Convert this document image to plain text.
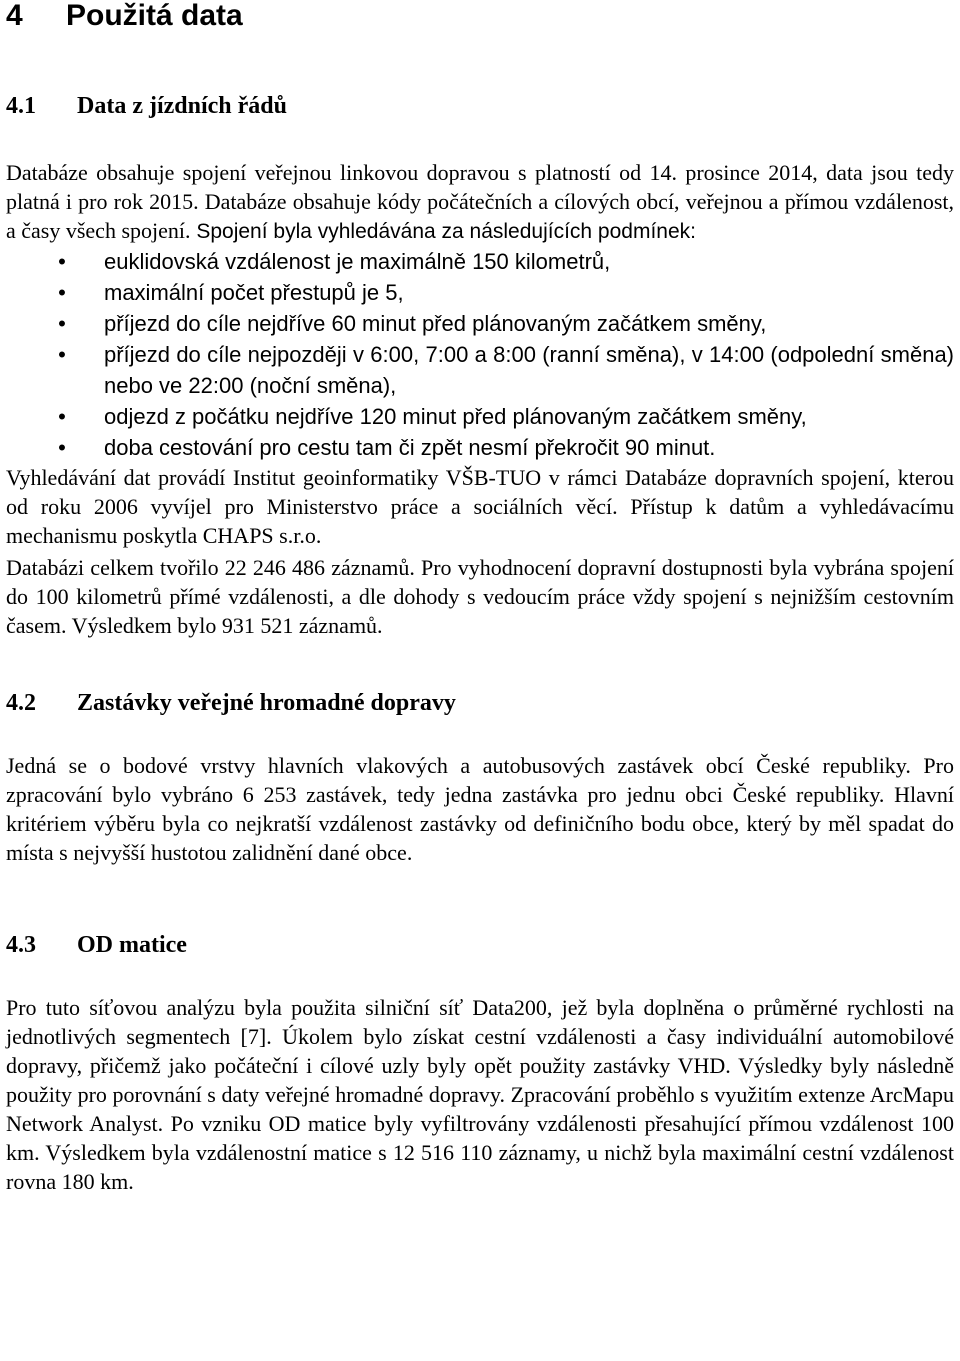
4 Použitá data
4.1 Data z jízdních řádů

Databáze obsahuje spojení veřejnou linkovou dopravou s platností od 14. prosince 2014, data jsou tedy platná i pro rok 2015. Databáze obsahuje kódy počátečních a cílových obcí, veřejnou a přímou vzdálenost, a časy všech spojení. Spojení byla vyhledávána za následujících podmínek:

• euklidovská vzdálenost je maximálně 150 kilometrů,
• maximální počet přestupů je 5,
• příjezd do cíle nejdříve 60 minut před plánovaným začátkem směny,
• příjezd do cíle nejpozději v 6:00, 7:00 a 8:00 (ranní směna), v 14:00 (odpolední směna) nebo ve 22:00 (noční směna),
• odjezd z počátku nejdříve 120 minut před plánovaným začátkem směny,
• doba cestování pro cestu tam či zpět nesmí překročit 90 minut.

Vyhledávání dat provádí Institut geoinformatiky VŠB-TUO v rámci Databáze dopravních spojení, kterou od roku 2006 vyvíjel pro Ministerstvo práce a sociálních věcí. Přístup k datům a vyhledávacímu mechanismu poskytla CHAPS s.r.o.

Databázi celkem tvořilo 22 246 486 záznamů. Pro vyhodnocení dopravní dostupnosti byla vybrána spojení do 100 kilometrů přímé vzdálenosti, a dle dohody s vedoucím práce vždy spojení s nejnižším cestovním časem. Výsledkem bylo 931 521 záznamů.

4.2 Zastávky veřejné hromadné dopravy

Jedná se o bodové vrstvy hlavních vlakových a autobusových zastávek obcí České republiky. Pro zpracování bylo vybráno 6 253 zastávek, tedy jedna zastávka pro jednu obci České republiky. Hlavní kritériem výběru byla co nejkratší vzdálenost zastávky od definičního bodu obce, který by měl spadat do místa s nejvyšší hustotou zalidnění dané obce.

4.3 OD matice

Pro tuto síťovou analýzu byla použita silniční síť Data200, jež byla doplněna o průměrné rychlosti na jednotlivých segmentech [7]. Úkolem bylo získat cestní vzdálenosti a časy individuální automobilové dopravy, přičemž jako počáteční i cílové uzly byly opět použity zastávky VHD. Výsledky byly následně použity pro porovnání s daty veřejné hromadné dopravy. Zpracování proběhlo s využitím extenze ArcMapu Network Analyst. Po vzniku OD matice byly vyfiltrovány vzdálenosti přesahující přímou vzdálenost 100 km. Výsledkem byla vzdálenostní matice s 12 516 110 záznamy, u nichž byla maximální cestní vzdálenost rovna 180 km.
